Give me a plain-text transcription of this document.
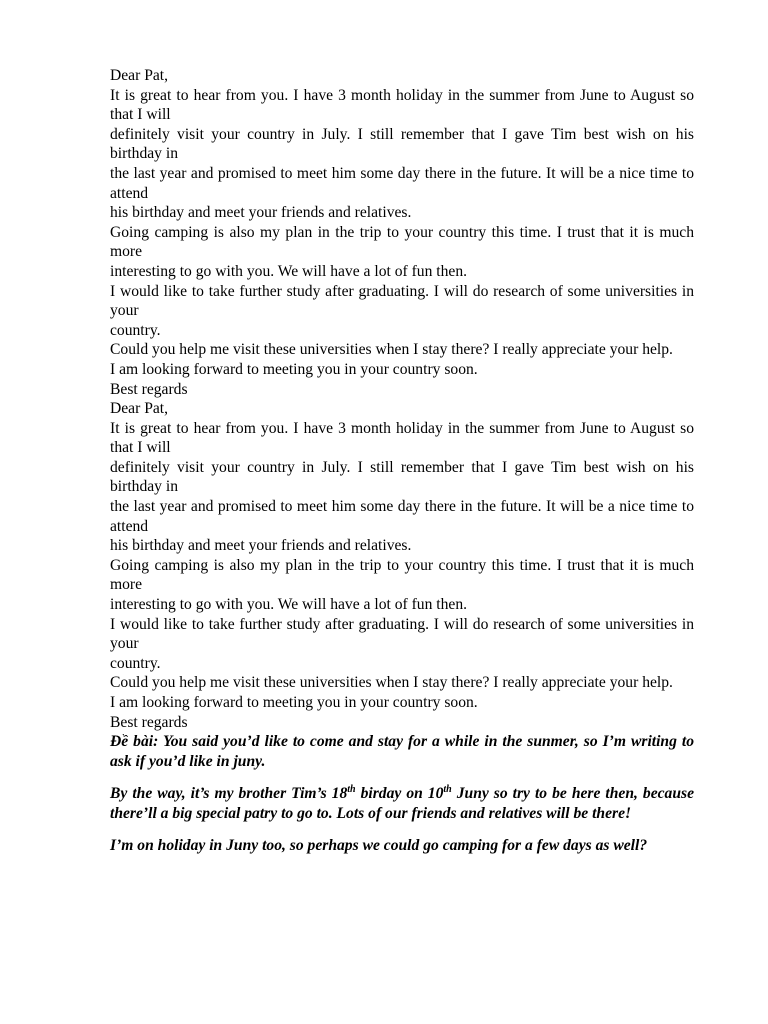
Dear Pat,

It is great to hear from you. I have 3 month holiday in the summer from June to August so that I will

definitely visit your country in July. I still remember that I gave Tim best wish on his birthday in

the last year and promised to meet him some day there in the future. It will be a nice time to attend

his birthday and meet your friends and relatives.

Going camping is also my plan in the trip to your country this time. I trust that it is much more

interesting to go with you. We will have a lot of fun then.

I would like to take further study after graduating. I will do research of some universities in your

country.

Could you help me visit these universities when I stay there? I really appreciate your help.

I am looking forward to meeting you in your country soon.

Best regards

Dear Pat,

It is great to hear from you. I have 3 month holiday in the summer from June to August so that I will

definitely visit your country in July. I still remember that I gave Tim best wish on his birthday in

the last year and promised to meet him some day there in the future. It will be a nice time to attend

his birthday and meet your friends and relatives.

Going camping is also my plan in the trip to your country this time. I trust that it is much more

interesting to go with you. We will have a lot of fun then.

I would like to take further study after graduating. I will do research of some universities in your

country.

Could you help me visit these universities when I stay there? I really appreciate your help.

I am looking forward to meeting you in your country soon.

Best regards

Đề bài: You said you’d like to come and stay for a while in the sunmer, so I’m writing to ask if you’d like in juny.

By the way, it’s my brother Tim’s 18th birday on 10th Juny so try to be here then, because there’ll a big special patry to go to. Lots of our friends and relatives will be there!

I’m on holiday in Juny too, so perhaps we could go camping for a few days as well?
